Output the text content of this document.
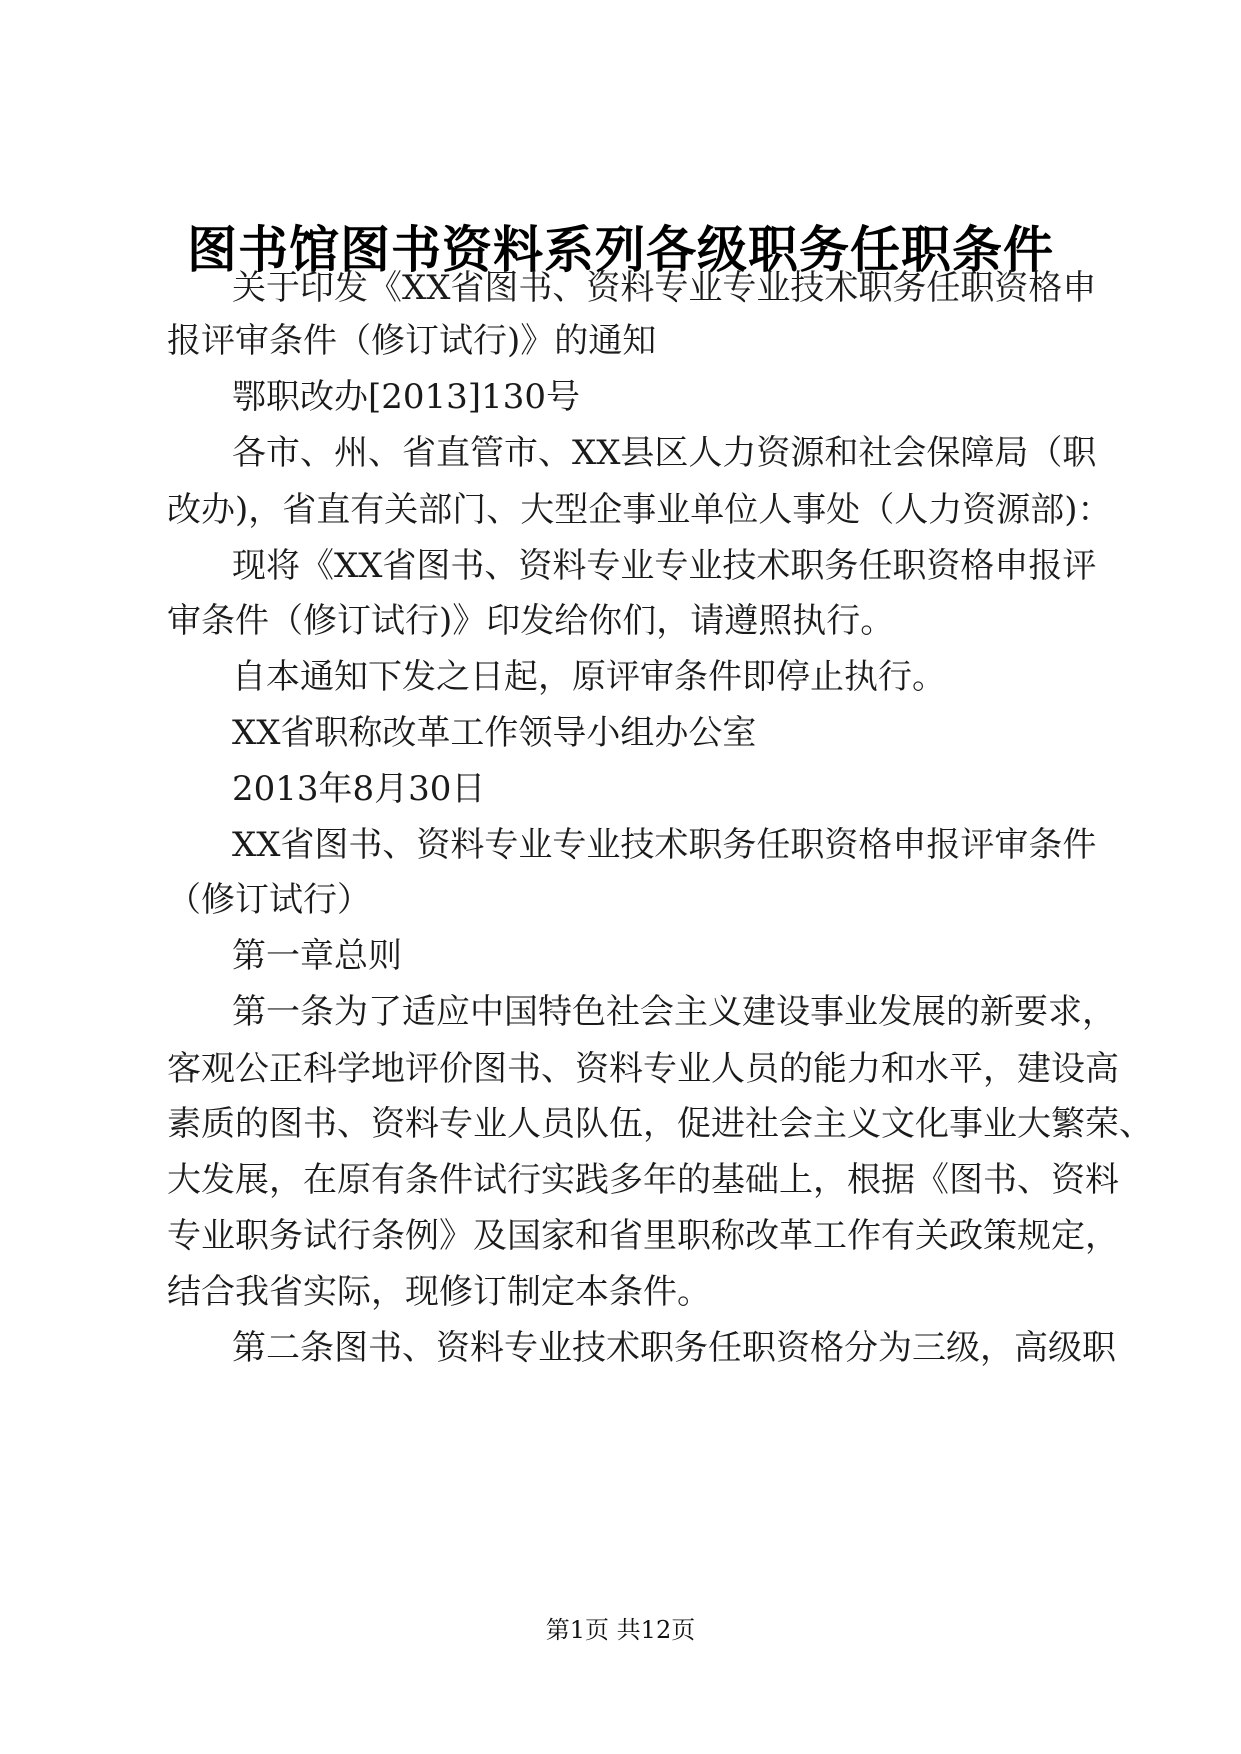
图书馆图书资料系列各级职务任职条件
关于印发《XX省图书、资料专业专业技术职务任职资格申
报评审条件（修订试行)》的通知
鄂职改办[2013]130号
各市、州、省直管市、XX县区人力资源和社会保障局（职
改办)，省直有关部门、大型企事业单位人事处（人力资源部)：
现将《XX省图书、资料专业专业技术职务任职资格申报评
审条件（修订试行)》印发给你们，请遵照执行。
自本通知下发之日起，原评审条件即停止执行。
XX省职称改革工作领导小组办公室
2013年8月30日
XX省图书、资料专业专业技术职务任职资格申报评审条件
（修订试行）
第一章总则
第一条为了适应中国特色社会主义建设事业发展的新要求，
客观公正科学地评价图书、资料专业人员的能力和水平，建设高
素质的图书、资料专业人员队伍，促进社会主义文化事业大繁荣、
大发展，在原有条件试行实践多年的基础上，根据《图书、资料
专业职务试行条例》及国家和省里职称改革工作有关政策规定，
结合我省实际，现修订制定本条件。
第二条图书、资料专业技术职务任职资格分为三级，高级职
第1页 共12页
